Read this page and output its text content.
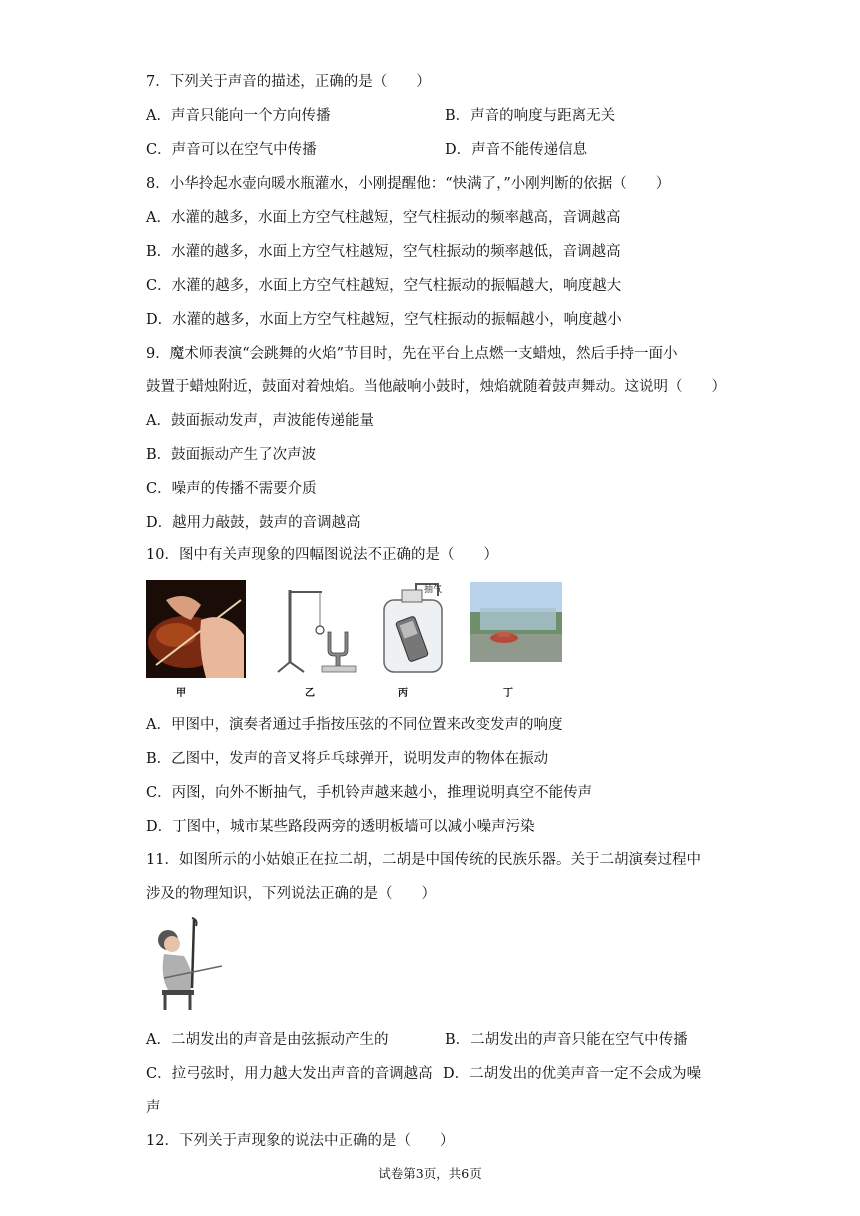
7．下列关于声音的描述，正确的是（　　）
A．声音只能向一个方向传播	B．声音的响度与距离无关
C．声音可以在空气中传播	D．声音不能传递信息
8．小华拎起水壶向暖水瓶灌水，小刚提醒他：“快满了，”小刚判断的依据（　　）
A．水灌的越多，水面上方空气柱越短，空气柱振动的频率越高，音调越高
B．水灌的越多，水面上方空气柱越短，空气柱振动的频率越低，音调越高
C．水灌的越多，水面上方空气柱越短，空气柱振动的振幅越大，响度越大
D．水灌的越多，水面上方空气柱越短，空气柱振动的振幅越小，响度越小
9．魔术师表演“会跳舞的火焰”节目时，先在平台上点燃一支蜡烛，然后手持一面小
鼓置于蜡烛附近，鼓面对着烛焰。当他敲响小鼓时，烛焰就随着鼓声舞动。这说明（　　）
A．鼓面振动发声，声波能传递能量
B．鼓面振动产生了次声波
C．噪声的传播不需要介质
D．越用力敲鼓，鼓声的音调越高
10．图中有关声现象的四幅图说法不正确的是（　　）
甲	乙
抽气
丙	丁
A．甲图中，演奏者通过手指按压弦的不同位置来改变发声的响度
B．乙图中，发声的音叉将乒乓球弹开，说明发声的物体在振动
C．丙图，向外不断抽气，手机铃声越来越小，推理说明真空不能传声
D．丁图中，城市某些路段两旁的透明板墙可以减小噪声污染
11．如图所示的小姑娘正在拉二胡，二胡是中国传统的民族乐器。关于二胡演奏过程中
涉及的物理知识，下列说法正确的是（　　）
A．二胡发出的声音是由弦振动产生的	B．二胡发出的声音只能在空气中传播
C．拉弓弦时，用力越大发出声音的音调越高 D．二胡发出的优美声音一定不会成为噪
声
12．下列关于声现象的说法中正确的是（　　）
试卷第3页，共6页
